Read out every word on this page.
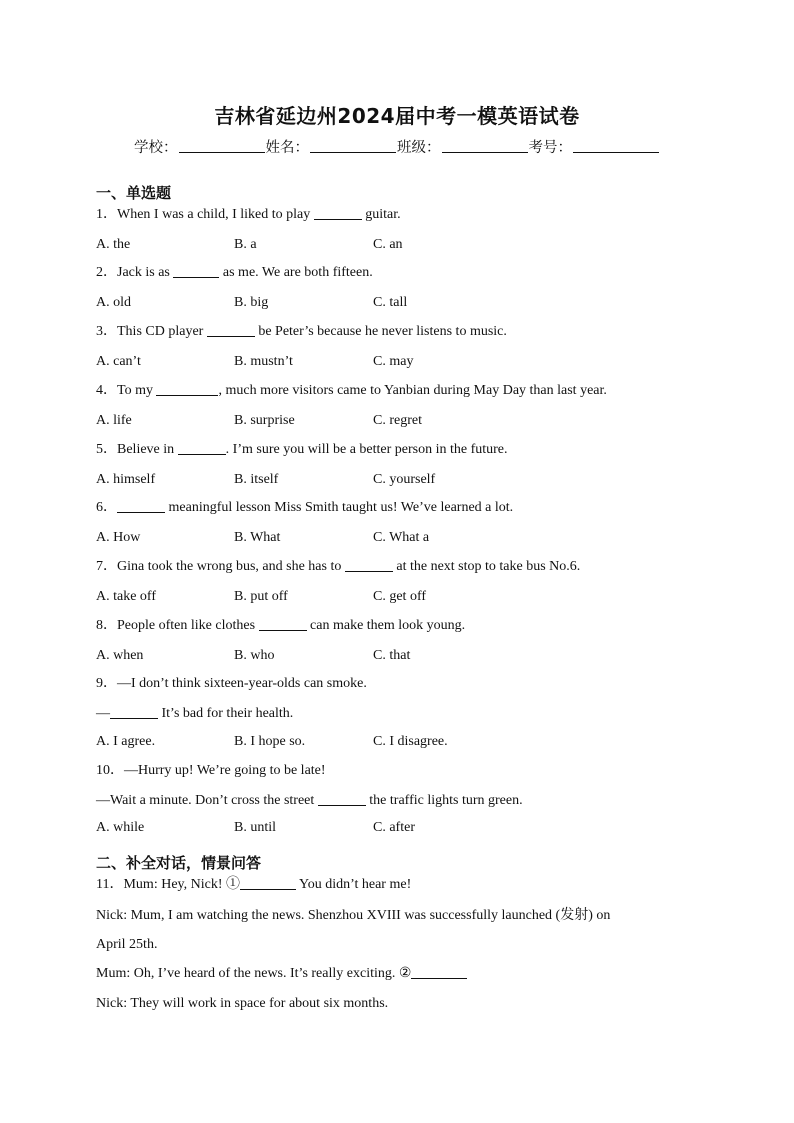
吉林省延边州2024届中考一模英语试卷
学校：	姓名：	班级：	考号：
一、单选题
1．When I was a child, I liked to play	guitar.
A. the	B. a	C. an
2．Jack is as	as me. We are both fifteen.
A. old	B. big	C. tall
3．This CD player	be Peter’s because he never listens to music.
A. can’t	B. mustn’t	C. may
4．To my	, much more visitors came to Yanbian during May Day than last year.
A. life	B. surprise	C. regret
5．Believe in	. I’m sure you will be a better person in the future.
A. himself	B. itself	C. yourself
6．	meaningful lesson Miss Smith taught us! We’ve learned a lot.
A. How	B. What	C. What a
7．Gina took the wrong bus, and she has to	at the next stop to take bus No.6.
A. take off	B. put off	C. get off
8．People often like clothes	can make them look young.
A. when	B. who	C. that
9．—I don’t think sixteen-year-olds can smoke.
—	It’s bad for their health.
A. I agree.	B. I hope so.	C. I disagree.
10．—Hurry up! We’re going to be late!
—Wait a minute. Don’t cross the street	the traffic lights turn green.
A. while	B. until	C. after
二、补全对话，情景问答
11．Mum: Hey, Nick! ①	You didn’t hear me!
Nick: Mum, I am watching the news. Shenzhou XVIII was successfully launched (发射) on
April 25th.
Mum: Oh, I’ve heard of the news. It’s really exciting. ②
Nick: They will work in space for about six months.
